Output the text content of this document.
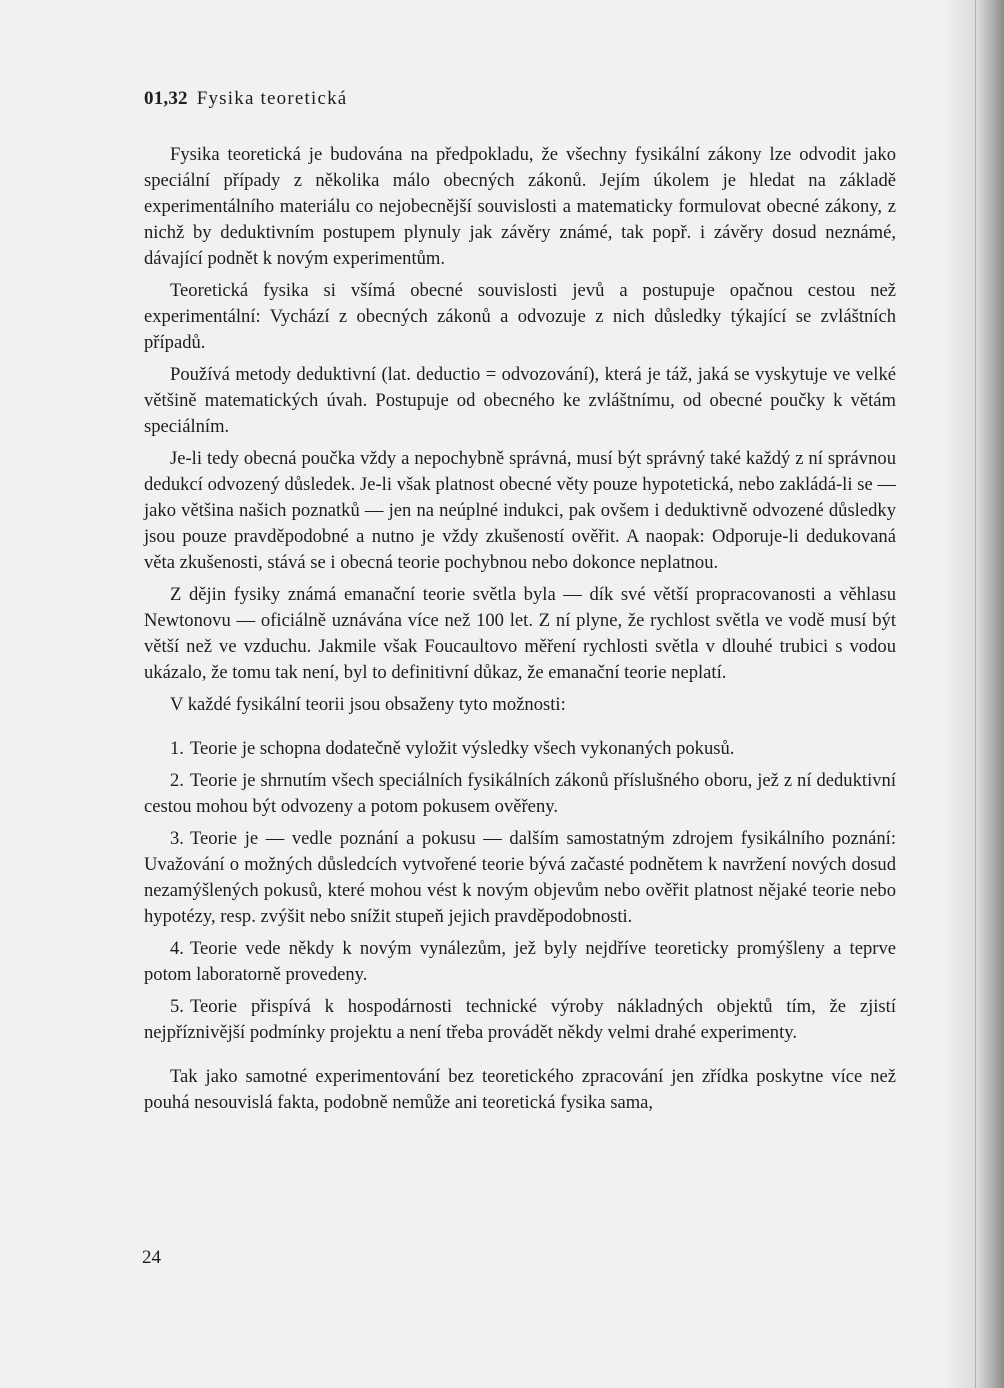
01,32 Fysika teoretická

Fysika teoretická je budována na předpokladu, že všechny fysikální zákony lze odvodit jako speciální případy z několika málo obecných zákonů. Jejím úkolem je hledat na základě experimentálního materiálu co nejobecnější souvislosti a matematicky formulovat obecné zákony, z nichž by deduktivním postupem plynuly jak závěry známé, tak popř. i závěry dosud neznámé, dávající podnět k novým experimentům.

Teoretická fysika si všímá obecné souvislosti jevů a postupuje opačnou cestou než experimentální: Vychází z obecných zákonů a odvozuje z nich důsledky týkající se zvláštních případů.

Používá metody deduktivní (lat. deductio = odvozování), která je táž, jaká se vyskytuje ve velké většině matematických úvah. Postupuje od obecného ke zvláštnímu, od obecné poučky k větám speciálním.

Je-li tedy obecná poučka vždy a nepochybně správná, musí být správný také každý z ní správnou dedukcí odvozený důsledek. Je-li však platnost obecné věty pouze hypotetická, nebo zakládá-li se — jako většina našich poznatků — jen na neúplné indukci, pak ovšem i deduktivně odvozené důsledky jsou pouze pravděpodobné a nutno je vždy zkušeností ověřit. A naopak: Odporuje-li dedukovaná věta zkušenosti, stává se i obecná teorie pochybnou nebo dokonce neplatnou.

Z dějin fysiky známá emanační teorie světla byla — dík své větší propracovanosti a věhlasu Newtonovu — oficiálně uznávána více než 100 let. Z ní plyne, že rychlost světla ve vodě musí být větší než ve vzduchu. Jakmile však Foucaultovo měření rychlosti světla v dlouhé trubici s vodou ukázalo, že tomu tak není, byl to definitivní důkaz, že emanační teorie neplatí.

V každé fysikální teorii jsou obsaženy tyto možnosti:

1. Teorie je schopna dodatečně vyložit výsledky všech vykonaných pokusů.
2. Teorie je shrnutím všech speciálních fysikálních zákonů příslušného oboru, jež z ní deduktivní cestou mohou být odvozeny a potom pokusem ověřeny.
3. Teorie je — vedle poznání a pokusu — dalším samostatným zdrojem fysikálního poznání: Uvažování o možných důsledcích vytvořené teorie bývá začasté podnětem k navržení nových dosud nezamýšlených pokusů, které mohou vést k novým objevům nebo ověřit platnost nějaké teorie nebo hypotézy, resp. zvýšit nebo snížit stupeň jejich pravděpodobnosti.
4. Teorie vede někdy k novým vynálezům, jež byly nejdříve teoreticky promýšleny a teprve potom laboratorně provedeny.
5. Teorie přispívá k hospodárnosti technické výroby nákladných objektů tím, že zjistí nejpříznivější podmínky projektu a není třeba provádět někdy velmi drahé experimenty.

Tak jako samotné experimentování bez teoretického zpracování jen zřídka poskytne více než pouhá nesouvislá fakta, podobně nemůže ani teoretická fysika sama,

24
